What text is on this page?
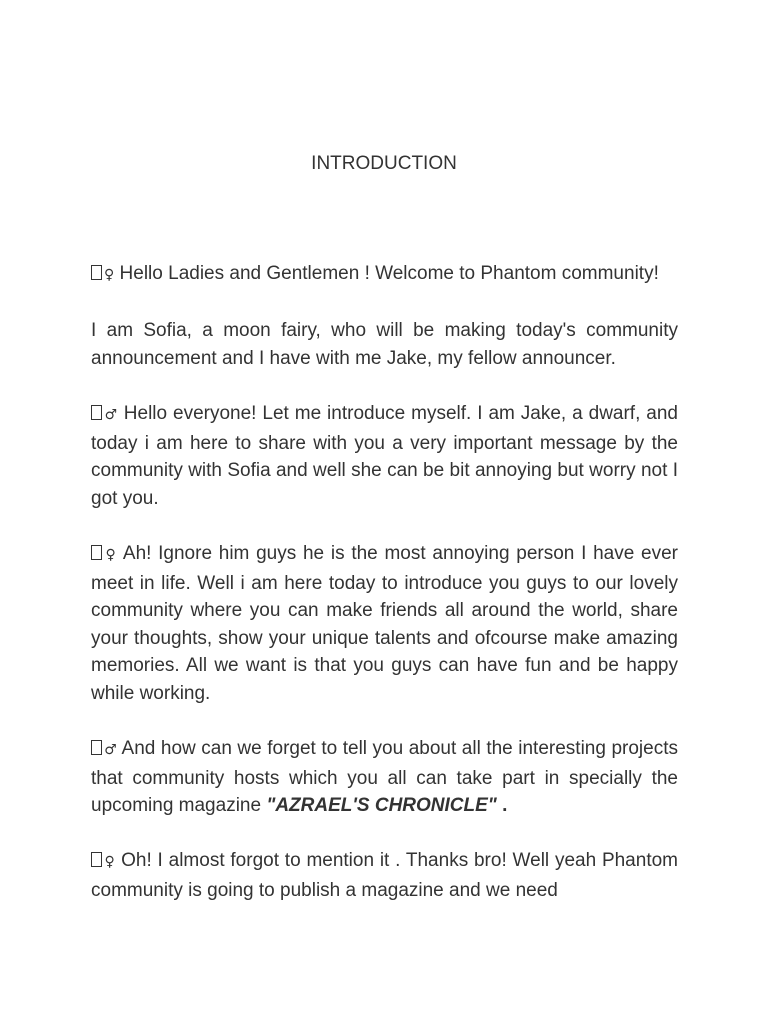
INTRODUCTION

♀ Hello Ladies and Gentlemen ! Welcome to Phantom community!

I am Sofia, a moon fairy, who will be making today's community announcement and I have with me Jake, my fellow announcer.

♂ Hello everyone! Let me introduce myself. I am Jake, a dwarf, and today i am here to share with you a very important message by the community with Sofia and well she can be bit annoying but worry not I got you.

♀ Ah! Ignore him guys he is the most annoying person I have ever meet in life. Well i am here today to introduce you guys to our lovely community where you can make friends all around the world, share your thoughts, show your unique talents and ofcourse make amazing memories. All we want is that you guys can have fun and be happy while working.

♂ And how can we forget to tell you about all the interesting projects that community hosts which you all can take part in specially the upcoming magazine "AZRAEL'S CHRONICLE" .

♀ Oh! I almost forgot to mention it . Thanks bro! Well yeah Phantom community is going to publish a magazine and we need
